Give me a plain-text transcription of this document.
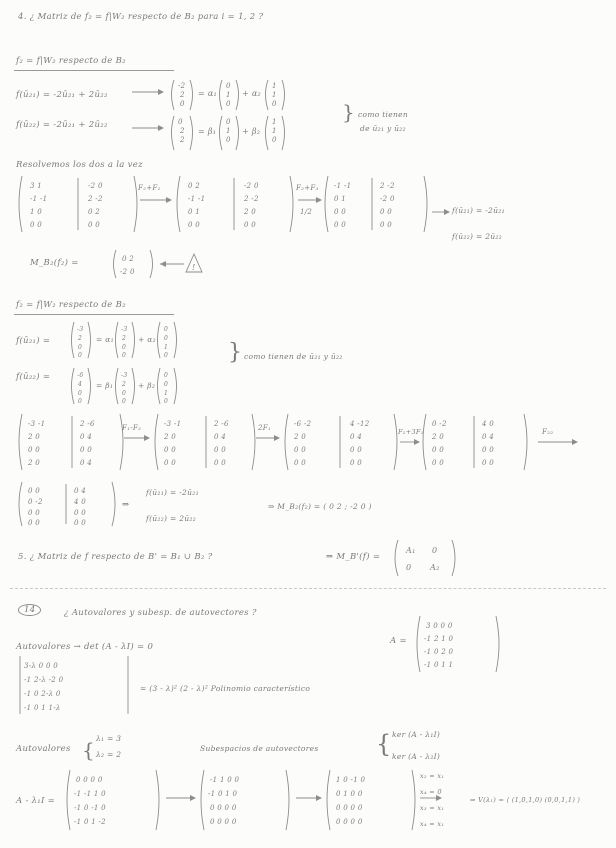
4. ¿ Matriz de f₂ = f|W₂ respecto de B₂ para i = 1, 2 ?
f₂ = f|W₂ respecto de B₂
f(ū₂₁) = -2ū₂₁ + 2ū₂₂
f(ū₂₂) = -2ū₂₁ + 2ū₂₂
-2
2
0
= α₁
0
1
0
+ α₂
1
1
0
0
2
2
= β₁
0
1
0
+ β₂
1
1
0
} como tienen
de ū₂₁ y ū₂₂
Resolvemos los dos a la vez
3 1	-2 0
-1 -1	2 -2
1 0	0 2
0 0	0 0
F₂+F₁	0 2	-2 0
-1 -1	2 -2
0 1	2 0
0 0	0 0
F₂+F₃
1/2
-1 -1	2 -2
0 1	-2 0
0 0	0 0
0 0	0 0
f(ū₂₁) = -2ū₂₁
f(ū₂₂) = 2ū₂₂
M_B₂(f₂) =	0 2
-2 0	!
f₂ = f|W₂ respecto de B₂
f(ū₂₁) =
f(ū₂₂) =
-3
2
0
0
= α₁
-3
2
0
0
+ α₂
0
0
1
0
-6
4
0
0
= β₁
-3
2
0
0
+ β₂
0
0
1
0
} como tienen de ū₂₁ y ū₂₂
-3 -1	2 -6
2 0	0 4
0 0	0 0
2 0	0 4
F₁-F₂	-3 -1	2 -6
2 0	0 4
0 0	0 0
0 0	0 0
2F₁	-6 -2	4 -12
2 0	0 4
0 0	0 0
0 0	0 0
F₂+3F₁
0 -2	4 0
2 0	0 4
0 0	0 0
0 0	0 0
F₂₂
0 0	0 4
0 -2	4 0
0 0	0 0
0 0	0 0
⇒
f(ū₂₁) = -2ū₂₁
f(ū₂₂) = 2ū₂₂
⇒ M_B₂(f₂) = ( 0 2 ; -2 0 )
5. ¿ Matriz de f respecto de B' = B₁ ∪ B₂ ?	⇒ M_B'(f) =
A₁ 0
0 A₂
14	¿ Autovalores y subesp. de autovectores ?
Autovalores → det (A - λI) = 0
A =
3 0 0 0
-1 2 1 0
-1 0 2 0
-1 0 1 1
3-λ 0 0 0
-1 2-λ -2 0
-1 0 2-λ 0
-1 0 1 1-λ
= (3 - λ)² (2 - λ)² Polinomio característico
Autovalores { λ₁ = 3
λ₂ = 2
Subespacios de autovectores { ker (A - λ₁I)
ker (A - λ₂I)
A - λ₁I =
0 0 0 0
-1 -1 1 0
-1 0 -1 0
-1 0 1 -2
-1 1 0 0
-1 0 1 0
0 0 0 0
0 0 0 0
1 0 -1 0
0 1 0 0
0 0 0 0
0 0 0 0
x₂ = x₁
x₄ = 0
x₃ = x₁
x₄ = x₁
⇒ V(λ₁) = ⟨ (1,0,1,0) (0,0,1,1) ⟩
